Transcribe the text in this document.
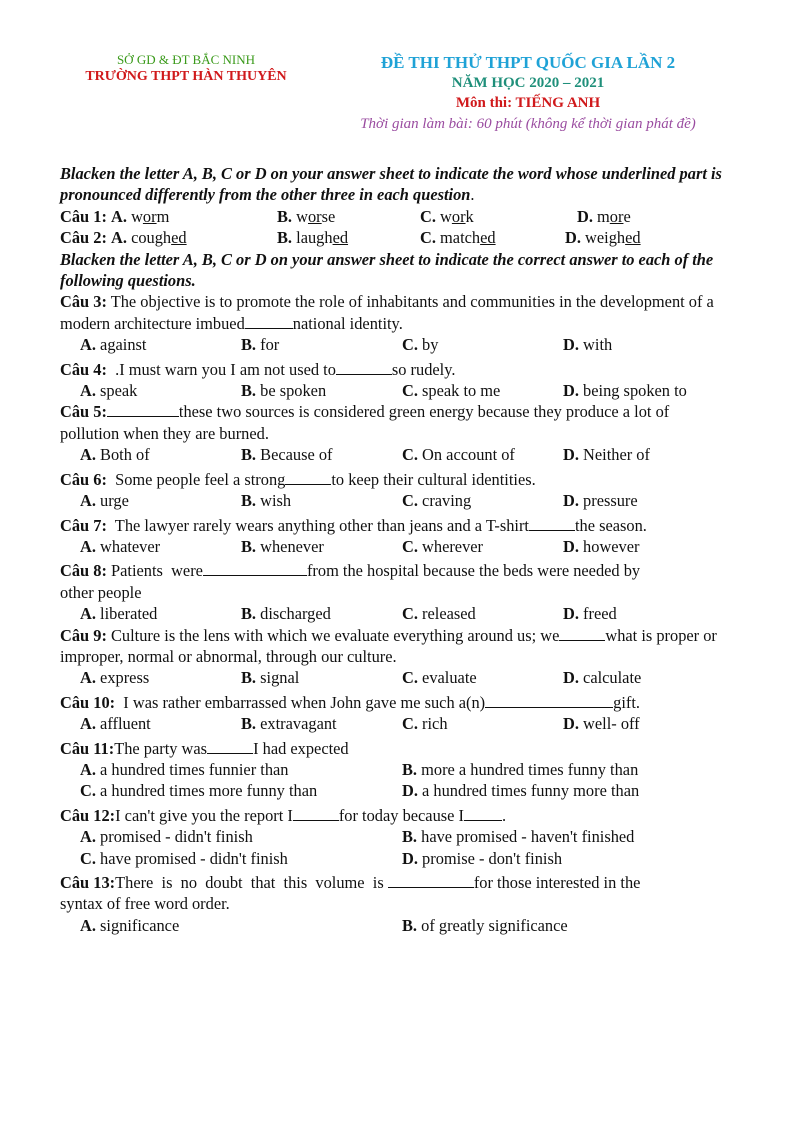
SỞ GD & ĐT BẮC NINH
TRƯỜNG THPT HÀN THUYÊN
ĐỀ THI THỬ THPT QUỐC GIA LẦN 2
NĂM HỌC 2020 – 2021
Môn thi: TIẾNG ANH
Thời gian làm bài: 60 phút (không kể thời gian phát đề)
Blacken the letter A, B, C or D on your answer sheet to indicate the word whose underlined part is pronounced differently from the other three in each question.
Câu 1: A. worm	B. worse	C. work	D. more
Câu 2: A. coughed	B. laughed	C. matched	D. weighed
Blacken the letter A, B, C or D on your answer sheet to indicate the correct answer to each of the following questions.
Câu 3: The objective is to promote the role of inhabitants and communities in the development of a modern architecture imbued	national identity.
A. against	B. for	C. by	D. with
Câu 4:  .I must warn you I am not used to	so rudely.
A. speak	B. be spoken	C. speak to me	D. being spoken to
Câu 5:	these two sources is considered green energy because they produce a lot of pollution when they are burned.
A. Both of	B. Because of	C. On account of	D. Neither of
Câu 6:  Some people feel a strong	to keep their cultural identities.
A. urge	B. wish	C. craving	D. pressure
Câu 7:  The lawyer rarely wears anything other than jeans and a T-shirt	the season.
A. whatever	B. whenever	C. wherever	D. however
Câu 8: Patients  were	from the hospital because the beds were needed by
other people
A. liberated	B. discharged	C. released	D. freed
Câu 9: Culture is the lens with which we evaluate everything around us; we	what is proper or improper, normal or abnormal, through our culture.
A. express	B. signal	C. evaluate	D. calculate
Câu 10:  I was rather embarrassed when John gave me such a(n)	gift.
A. affluent	B. extravagant	C. rich	D. well- off
Câu 11:The party was	I had expected
A. a hundred times funnier than	B. more a hundred times funny than
C. a hundred times more funny than	D. a hundred times funny more than
Câu 12:I can't give you the report I	for today because I .
A. promised - didn't finish	B. have promised - haven't finished
C. have promised - didn't finish	D. promise - don't finish
Câu 13:There  is  no  doubt  that  this  volume  is	for those interested in the
syntax of free word order.
A. significance	B. of greatly significance
